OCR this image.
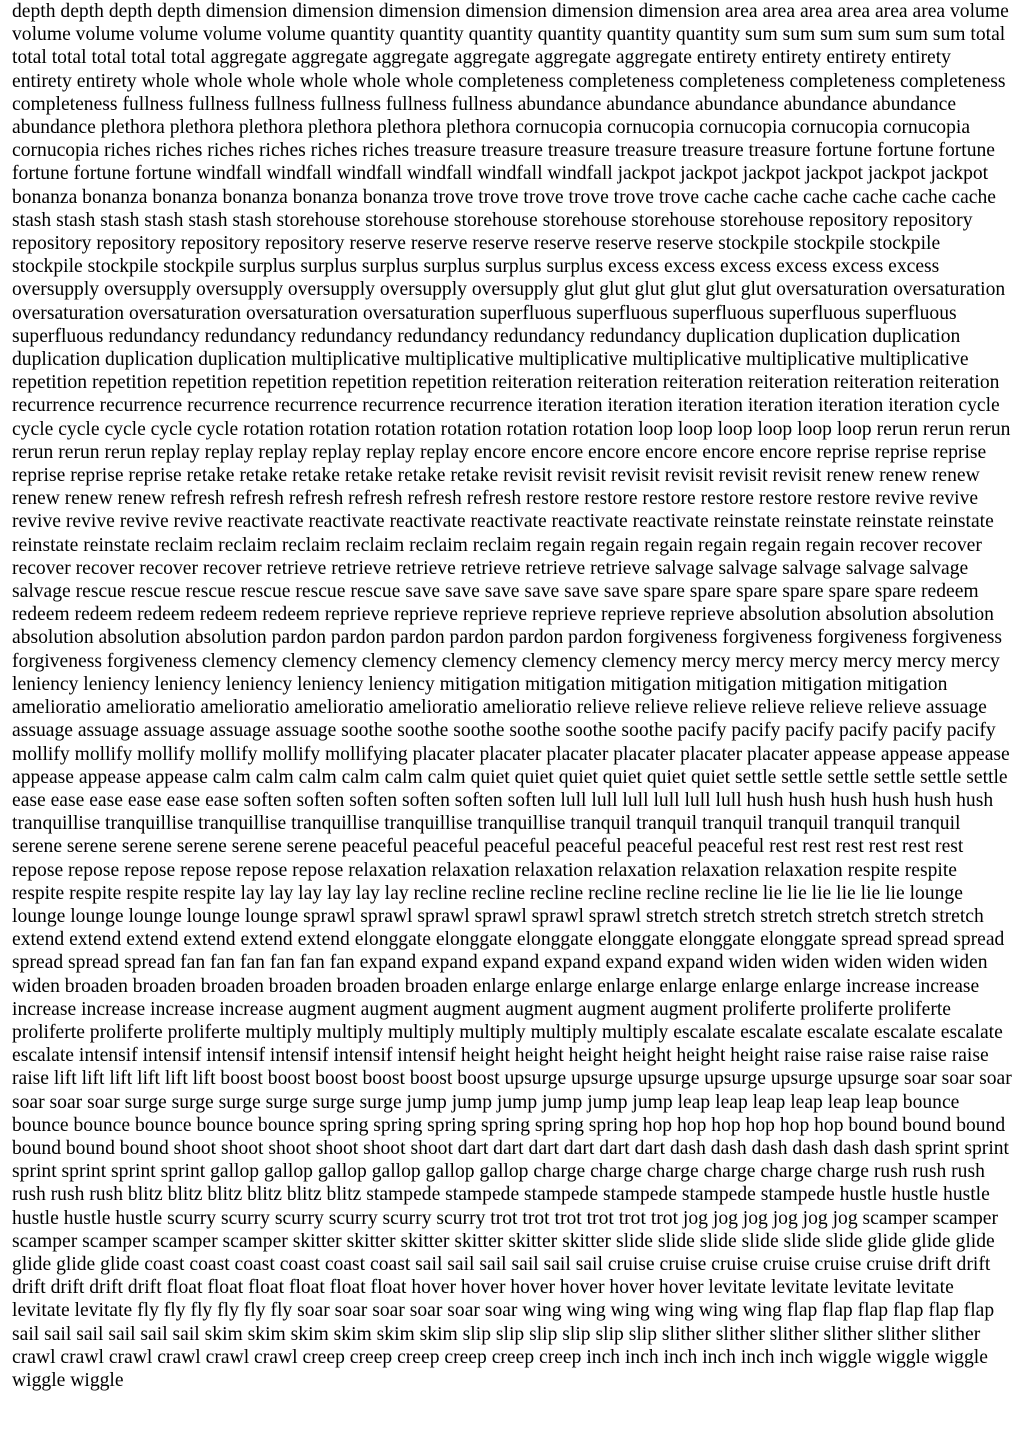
depth depth depth depth dimension dimension dimension dimension dimension dimension area area area area area area volume volume volume volume volume volume quantity quantity quantity quantity quantity quantity sum sum sum sum sum sum total total total total total total aggregate aggregate aggregate aggregate aggregate aggregate entirety entirety entirety entirety entirety entirety whole whole whole whole whole whole completeness completeness completeness completeness completeness completeness fullness fullness fullness fullness fullness fullness abundance abundance abundance abundance abundance abundance plethora plethora plethora plethora plethora plethora cornucopia cornucopia cornucopia cornucopia cornucopia cornucopia riches riches riches riches riches riches treasure treasure treasure treasure treasure treasure fortune fortune fortune fortune fortune fortune windfall windfall windfall windfall windfall windfall jackpot jackpot jackpot jackpot jackpot jackpot bonanza bonanza bonanza bonanza bonanza bonanza trove trove trove trove trove trove cache cache cache cache cache cache stash stash stash stash stash stash storehouse storehouse storehouse storehouse storehouse storehouse repository repository repository repository repository repository reserve reserve reserve reserve reserve reserve stockpile stockpile stockpile stockpile stockpile stockpile surplus surplus surplus surplus surplus surplus excess excess excess excess excess excess oversupply oversupply oversupply oversupply oversupply oversupply glut glut glut glut glut glut oversaturation oversaturation oversaturation oversaturation oversaturation oversaturation superfluous superfluous superfluous superfluous superfluous superfluous redundancy redundancy redundancy redundancy redundancy redundancy duplication duplication duplication duplication duplication duplication multiplicative multiplicative multiplicative multiplicative multiplicative multiplicative repetition repetition repetition repetition repetition repetition reiteration reiteration reiteration reiteration reiteration reiteration recurrence recurrence recurrence recurrence recurrence recurrence iteration iteration iteration iteration iteration iteration cycle cycle cycle cycle cycle cycle rotation rotation rotation rotation rotation rotation loop loop loop loop loop loop rerun rerun rerun rerun rerun rerun replay replay replay replay replay replay encore encore encore encore encore encore reprise reprise reprise reprise reprise reprise retake retake retake retake retake retake revisit revisit revisit revisit revisit revisit renew renew renew renew renew renew refresh refresh refresh refresh refresh refresh restore restore restore restore restore restore revive revive revive revive revive revive reactivate reactivate reactivate reactivate reactivate reactivate reinstate reinstate reinstate reinstate reinstate reinstate reclaim reclaim reclaim reclaim reclaim reclaim regain regain regain regain regain regain recover recover recover recover recover recover retrieve retrieve retrieve retrieve retrieve retrieve salvage salvage salvage salvage salvage salvage rescue rescue rescue rescue rescue rescue save save save save save save spare spare spare spare spare spare redeem redeem redeem redeem redeem redeem reprieve reprieve reprieve reprieve reprieve reprieve absolution absolution absolution absolution absolution absolution pardon pardon pardon pardon pardon pardon forgiveness forgiveness forgiveness forgiveness forgiveness forgiveness clemency clemency clemency clemency clemency clemency mercy mercy mercy mercy mercy mercy leniency leniency leniency leniency leniency leniency mitigation mitigation mitigation mitigation mitigation mitigation amelioratio amelioratio amelioratio amelioratio amelioratio amelioratio relieve relieve relieve relieve relieve relieve assuage assuage assuage assuage assuage assuage soothe soothe soothe soothe soothe soothe pacify pacify pacify pacify pacify pacify mollify mollify mollify mollify mollify mollifying placater placater placater placater placater placater appease appease appease appease appease appease calm calm calm calm calm calm quiet quiet quiet quiet quiet quiet settle settle settle settle settle settle ease ease ease ease ease ease soften soften soften soften soften soften lull lull lull lull lull lull hush hush hush hush hush hush tranquillise tranquillise tranquillise tranquillise tranquillise tranquillise tranquil tranquil tranquil tranquil tranquil tranquil serene serene serene serene serene serene peaceful peaceful peaceful peaceful peaceful peaceful rest rest rest rest rest rest repose repose repose repose repose repose relaxation relaxation relaxation relaxation relaxation relaxation respite respite respite respite respite respite lay lay lay lay lay lay recline recline recline recline recline recline lie lie lie lie lie lie lounge lounge lounge lounge lounge lounge sprawl sprawl sprawl sprawl sprawl sprawl stretch stretch stretch stretch stretch stretch extend extend extend extend extend extend elonggate elonggate elonggate elonggate elonggate elonggate spread spread spread spread spread spread fan fan fan fan fan fan expand expand expand expand expand expand widen widen widen widen widen widen broaden broaden broaden broaden broaden broaden enlarge enlarge enlarge enlarge enlarge enlarge increase increase increase increase increase increase augment augment augment augment augment augment proliferte proliferte proliferte proliferte proliferte proliferte multiply multiply multiply multiply multiply multiply escalate escalate escalate escalate escalate escalate intensif intensif intensif intensif intensif intensif height height height height height height raise raise raise raise raise raise lift lift lift lift lift lift boost boost boost boost boost boost upsurge upsurge upsurge upsurge upsurge upsurge soar soar soar soar soar soar surge surge surge surge surge surge jump jump jump jump jump jump leap leap leap leap leap leap bounce bounce bounce bounce bounce bounce spring spring spring spring spring spring hop hop hop hop hop hop bound bound bound bound bound bound shoot shoot shoot shoot shoot shoot dart dart dart dart dart dart dash dash dash dash dash dash sprint sprint sprint sprint sprint sprint gallop gallop gallop gallop gallop gallop charge charge charge charge charge charge rush rush rush rush rush rush blitz blitz blitz blitz blitz blitz stampede stampede stampede stampede stampede stampede hustle hustle hustle hustle hustle hustle scurry scurry scurry scurry scurry scurry trot trot trot trot trot trot jog jog jog jog jog jog scamper scamper scamper scamper scamper scamper skitter skitter skitter skitter skitter skitter slide slide slide slide slide slide glide glide glide glide glide glide coast coast coast coast coast coast sail sail sail sail sail sail cruise cruise cruise cruise cruise cruise drift drift drift drift drift drift float float float float float float hover hover hover hover hover hover levitate levitate levitate levitate levitate levitate fly fly fly fly fly fly soar soar soar soar soar soar wing wing wing wing wing wing flap flap flap flap flap flap sail sail sail sail sail sail skim skim skim skim skim skim slip slip slip slip slip slip slither slither slither slither slither slither crawl crawl crawl crawl crawl crawl creep creep creep creep creep creep inch inch inch inch inch inch wiggle wiggle wiggle wiggle wiggle
